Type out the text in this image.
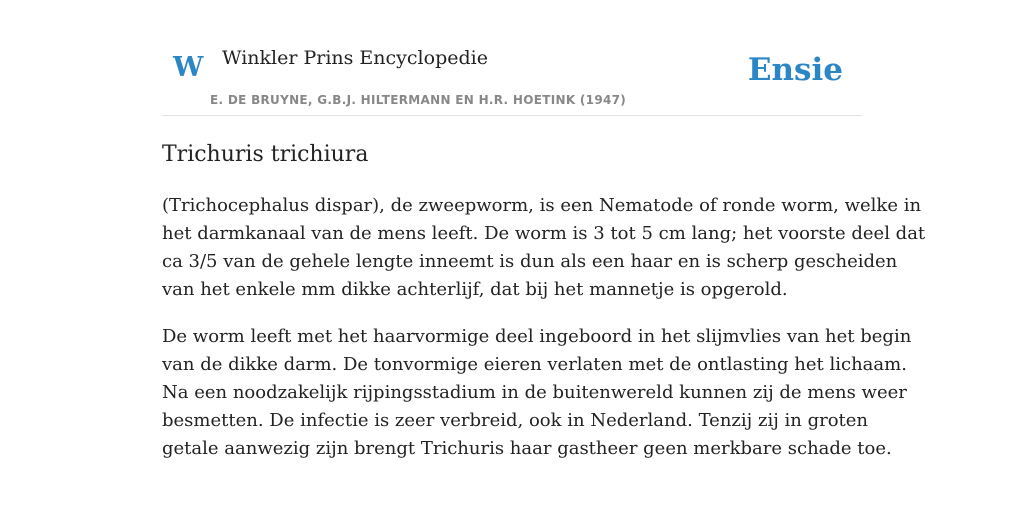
W Winkler Prins Encyclopedie
E. DE BRUYNE, G.B.J. HILTERMANN EN H.R. HOETINK (1947)
Ensie
Trichuris trichiura

(Trichocephalus dispar), de zweepworm, is een Nematode of ronde worm, welke in
het darmkanaal van de mens leeft. De worm is 3 tot 5 cm lang; het voorste deel dat
ca 3/5 van de gehele lengte inneemt is dun als een haar en is scherp gescheiden
van het enkele mm dikke achterlijf, dat bij het mannetje is opgerold.

De worm leeft met het haarvormige deel ingeboord in het slijmvlies van het begin
van de dikke darm. De tonvormige eieren verlaten met de ontlasting het lichaam.
Na een noodzakelijk rijpingsstadium in de buitenwereld kunnen zij de mens weer
besmetten. De infectie is zeer verbreid, ook in Nederland. Tenzij zij in groten
getale aanwezig zijn brengt Trichuris haar gastheer geen merkbare schade toe.
